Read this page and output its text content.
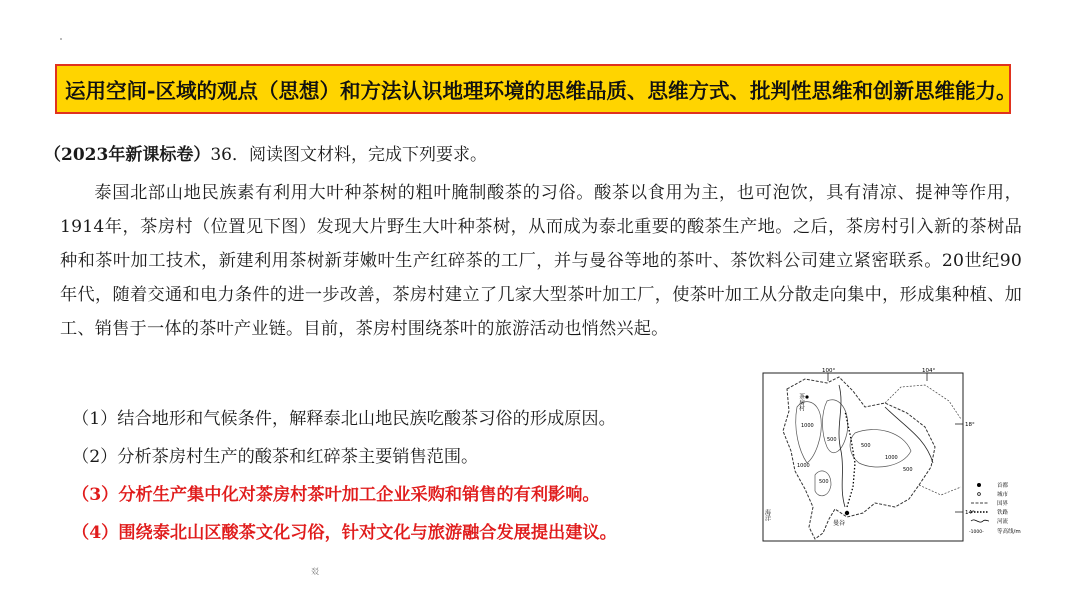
运用空间-区域的观点（思想）和方法认识地理环境的思维品质、思维方式、批判性思维和创新思维能力。
（2023年新课标卷）36．阅读图文材料，完成下列要求。
泰国北部山地民族素有利用大叶种茶树的粗叶腌制酸茶的习俗。酸茶以食用为主，也可泡饮，具有清凉、提神等作用，1914年，茶房村（位置见下图）发现大片野生大叶种茶树，从而成为泰北重要的酸茶生产地。之后，茶房村引入新的茶树品种和茶叶加工技术，新建利用茶树新芽嫩叶生产红碎茶的工厂，并与曼谷等地的茶叶、茶饮料公司建立紧密联系。20世纪90年代，随着交通和电力条件的进一步改善，茶房村建立了几家大型茶叶加工厂，使茶叶加工从分散走向集中，形成集种植、加工、销售于一体的茶叶产业链。目前，茶房村围绕茶叶的旅游活动也悄然兴起。
（1）结合地形和气候条件，解释泰北山地民族吃酸茶习俗的形成原因。
（2）分析茶房村生产的酸茶和红碎茶主要销售范围。
（3）分析生产集中化对茶房村茶叶加工企业采购和销售的有利影响。
（4）围绕泰北山区酸茶文化习俗，针对文化与旅游融合发展提出建议。
100°	104°
18°
14°
1000
500
500
1000
500
500
1000
茶房村
曼谷
海洋
首都
城市
国界
铁路
河流
-1000- 等高线/m
㸚
